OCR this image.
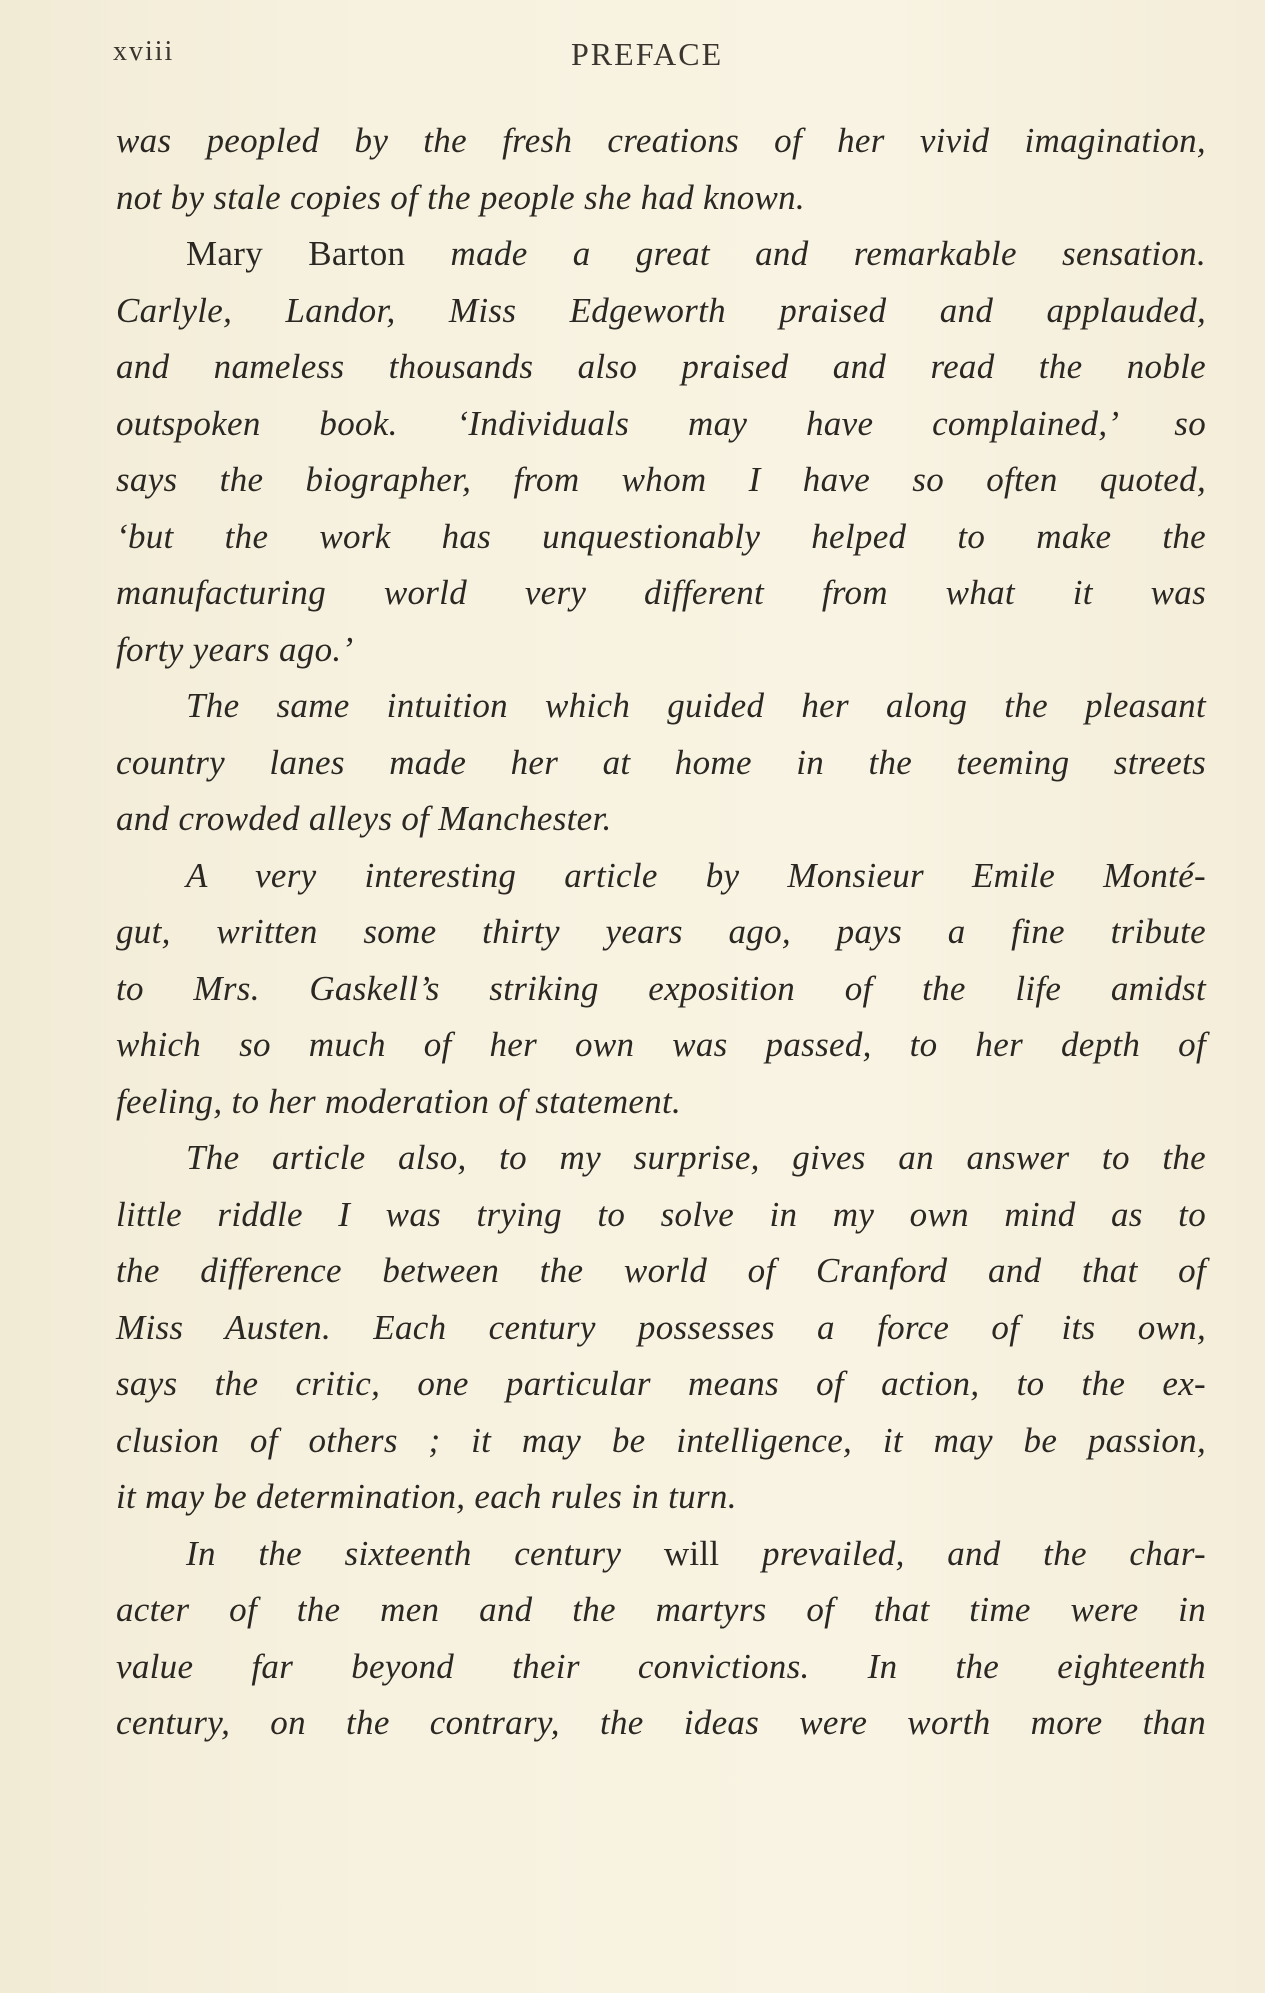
xviii	PREFACE
was peopled by the fresh creations of her vivid imagination,
not by stale copies of the people she had known.
Mary Barton made a great and remarkable sensation.
Carlyle, Landor, Miss Edgeworth praised and applauded,
and nameless thousands also praised and read the noble
outspoken book. ‘Individuals may have complained,’ so
says the biographer, from whom I have so often quoted,
‘but the work has unquestionably helped to make the
manufacturing world very different from what it was
forty years ago.’
The same intuition which guided her along the pleasant
country lanes made her at home in the teeming streets
and crowded alleys of Manchester.
A very interesting article by Monsieur Emile Monté-
gut, written some thirty years ago, pays a fine tribute
to Mrs. Gaskell’s striking exposition of the life amidst
which so much of her own was passed, to her depth of
feeling, to her moderation of statement.
The article also, to my surprise, gives an answer to the
little riddle I was trying to solve in my own mind as to
the difference between the world of Cranford and that of
Miss Austen. Each century possesses a force of its own,
says the critic, one particular means of action, to the ex-
clusion of others ; it may be intelligence, it may be passion,
it may be determination, each rules in turn.
In the sixteenth century will prevailed, and the char-
acter of the men and the martyrs of that time were in
value far beyond their convictions. In the eighteenth
century, on the contrary, the ideas were worth more than
